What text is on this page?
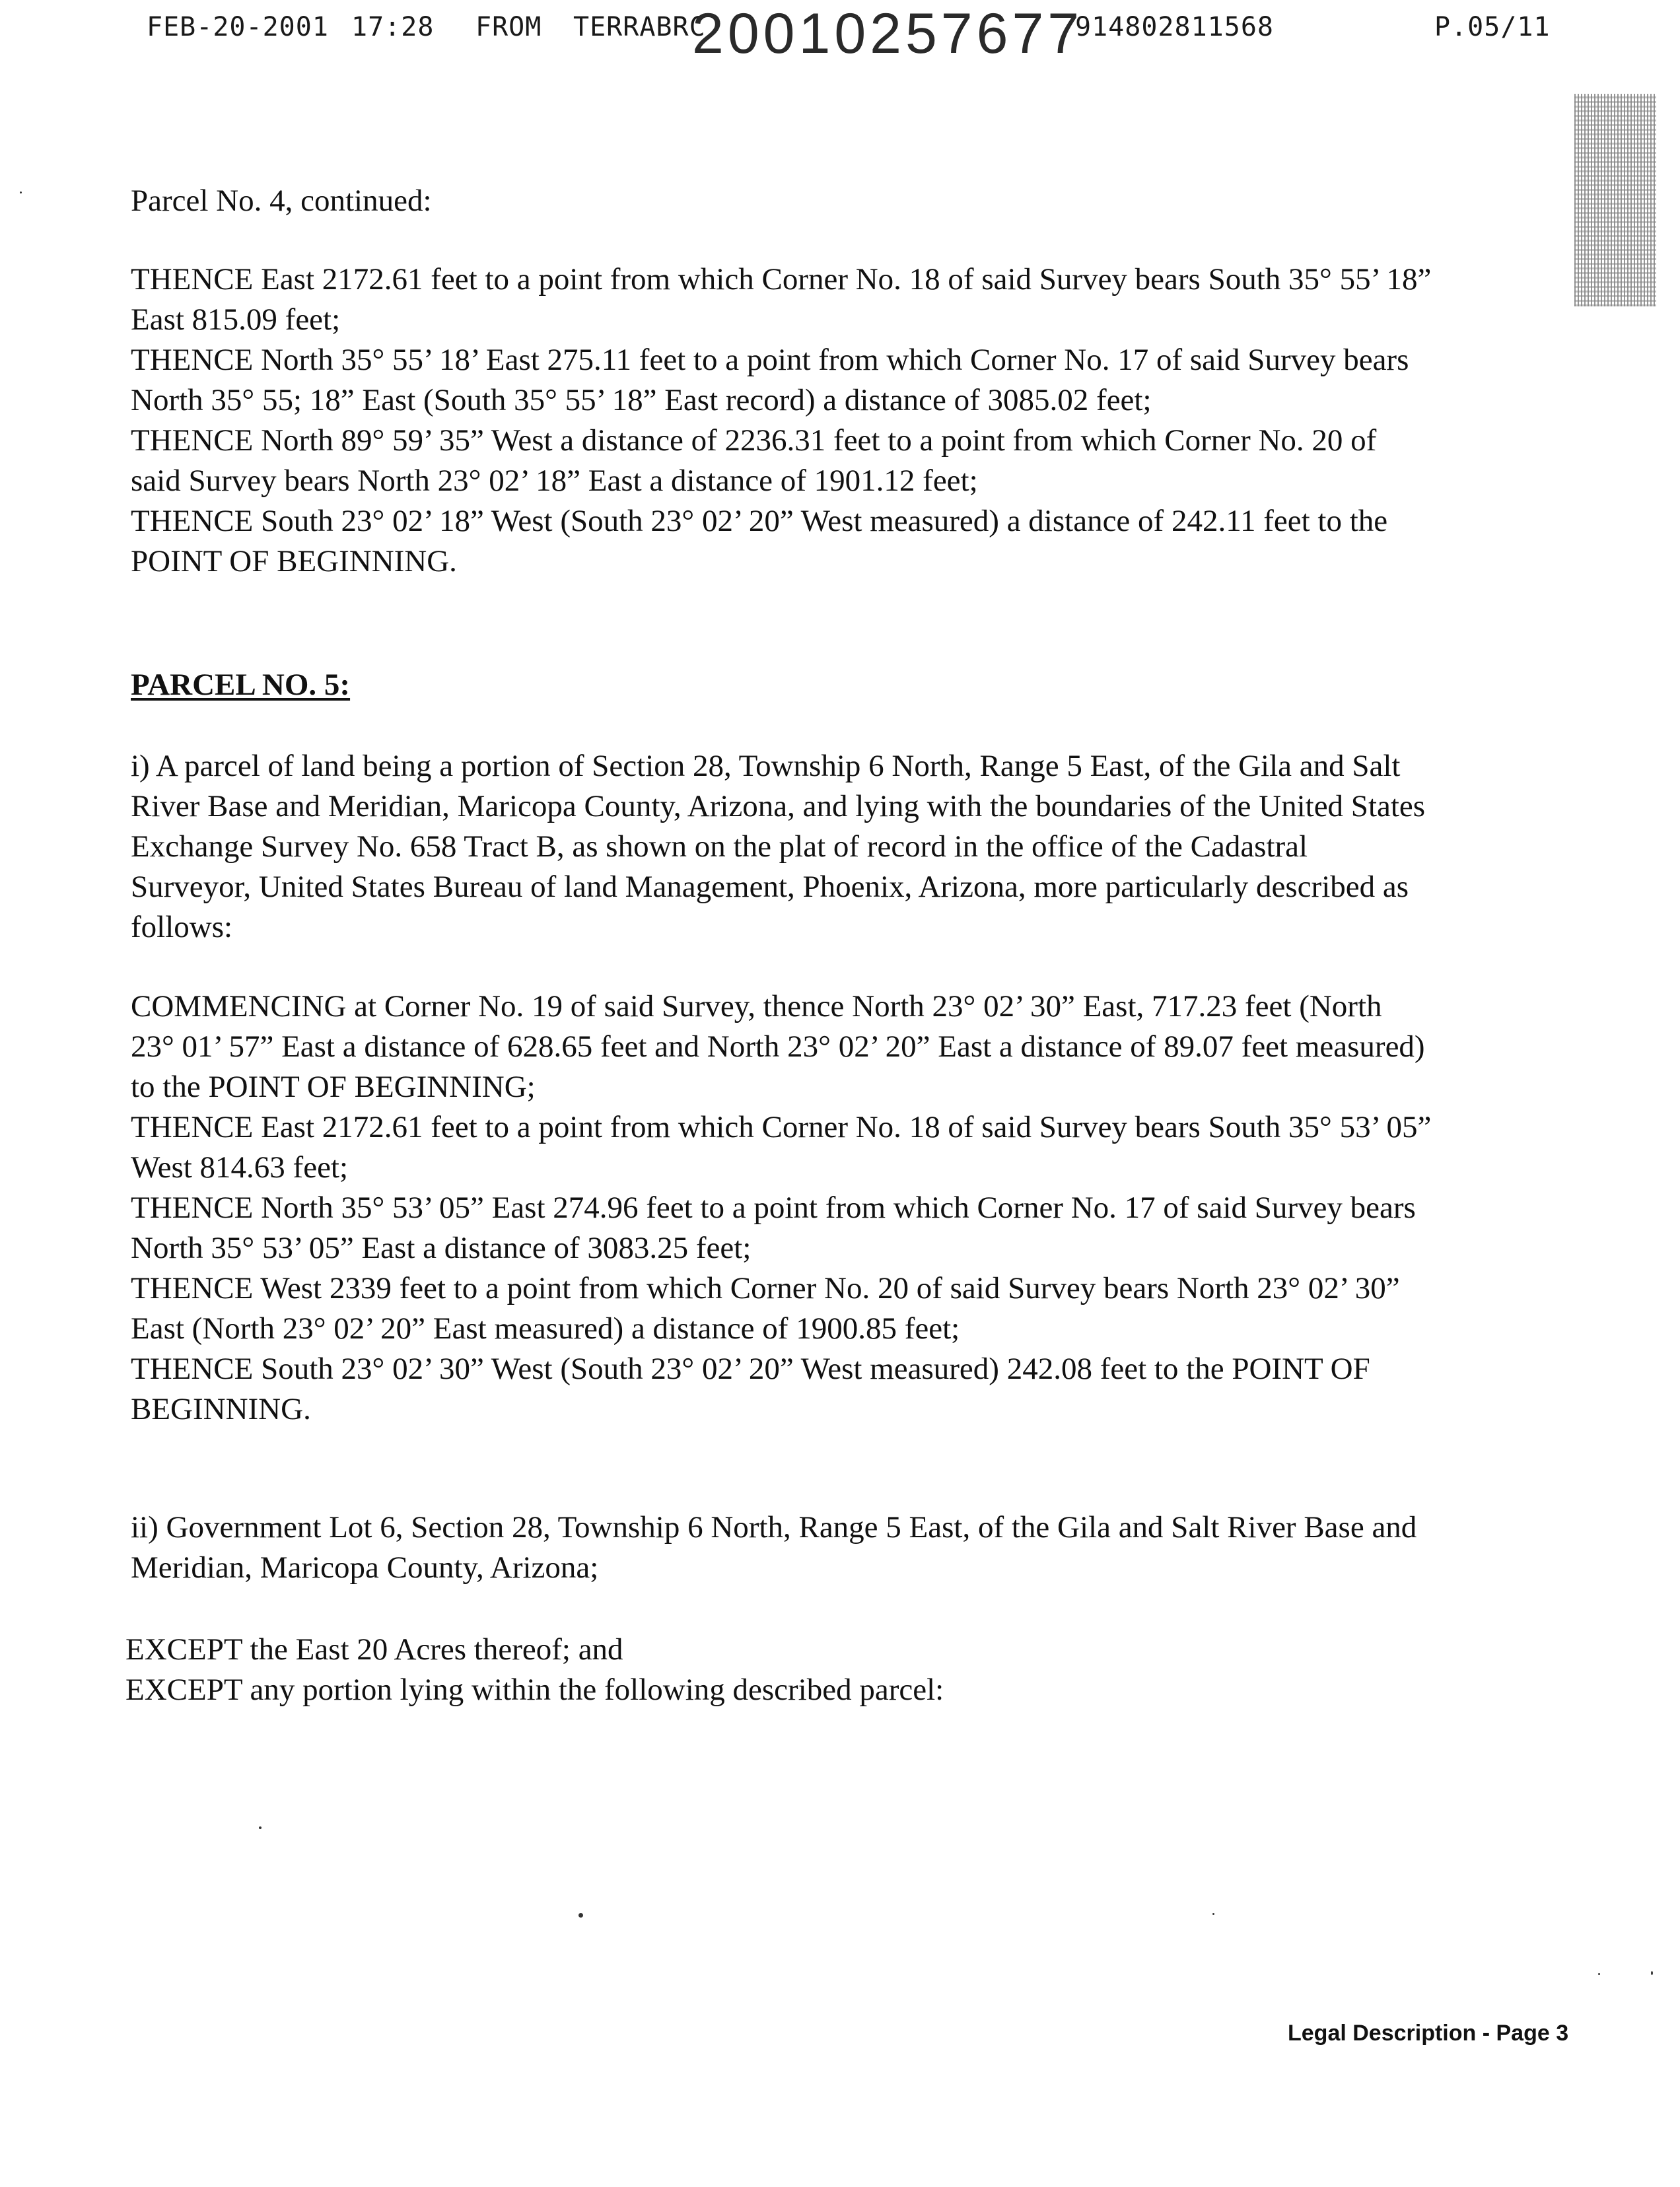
FEB-20-2001 17:28 FROM TERRABRC
20010257677
914802811568	P.05/11
Parcel No. 4, continued:
THENCE East 2172.61 feet to a point from which Corner No. 18 of said Survey bears South 35° 55’ 18”
East 815.09 feet;
THENCE North 35° 55’ 18’ East 275.11 feet to a point from which Corner No. 17 of said Survey bears
North 35° 55; 18” East (South 35° 55’ 18” East record) a distance of 3085.02 feet;
THENCE North 89° 59’ 35” West a distance of 2236.31 feet to a point from which Corner No. 20 of
said Survey bears North 23° 02’ 18” East a distance of 1901.12 feet;
THENCE South 23° 02’ 18” West (South 23° 02’ 20” West measured) a distance of 242.11 feet to the
POINT OF BEGINNING.
PARCEL NO. 5:
i) A parcel of land being a portion of Section 28, Township 6 North, Range 5 East, of the Gila and Salt
River Base and Meridian, Maricopa County, Arizona, and lying with the boundaries of the United States
Exchange Survey No. 658 Tract B, as shown on the plat of record in the office of the Cadastral
Surveyor, United States Bureau of land Management, Phoenix, Arizona, more particularly described as
follows:
COMMENCING at Corner No. 19 of said Survey, thence North 23° 02’ 30” East, 717.23 feet (North
23° 01’ 57” East a distance of 628.65 feet and North 23° 02’ 20” East a distance of 89.07 feet measured)
to the POINT OF BEGINNING;
THENCE East 2172.61 feet to a point from which Corner No. 18 of said Survey bears South 35° 53’ 05”
West 814.63 feet;
THENCE North 35° 53’ 05” East 274.96 feet to a point from which Corner No. 17 of said Survey bears
North 35° 53’ 05” East a distance of 3083.25 feet;
THENCE West 2339 feet to a point from which Corner No. 20 of said Survey bears North 23° 02’ 30”
East (North 23° 02’ 20” East measured) a distance of 1900.85 feet;
THENCE South 23° 02’ 30” West (South 23° 02’ 20” West measured) 242.08 feet to the POINT OF
BEGINNING.
ii) Government Lot 6, Section 28, Township 6 North, Range 5 East, of the Gila and Salt River Base and
Meridian, Maricopa County, Arizona;
EXCEPT the East 20 Acres thereof; and
EXCEPT any portion lying within the following described parcel:
Legal Description - Page 3
